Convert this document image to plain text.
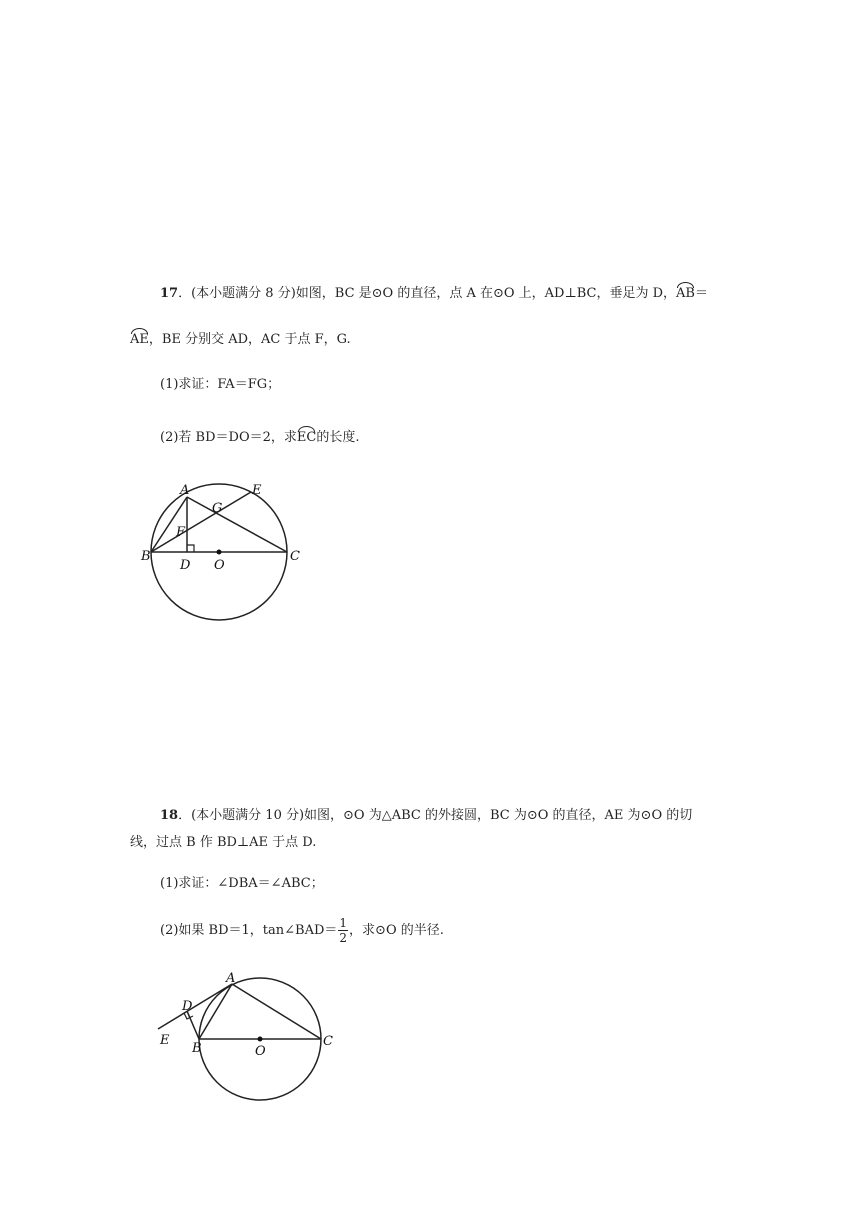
17．(本小题满分 8 分)如图，BC 是⊙O 的直径，点 A 在⊙O 上，AD⊥BC，垂足为 D，AB＝
AE，BE 分别交 AD，AC 于点 F，G.
(1)求证：FA＝FG；
(2)若 BD＝DO＝2，求EC的长度.
A	E
G
F
B	C
D O
18．(本小题满分 10 分)如图，⊙O 为△ABC 的外接圆，BC 为⊙O 的直径，AE 为⊙O 的切
线，过点 B 作 BD⊥AE 于点 D.
(1)求证：∠DBA＝∠ABC；
(2)如果 BD＝1，tan∠BAD＝ $\frac{1}{2}$ ，求⊙O 的半径.
A
D
E
B	O
C
